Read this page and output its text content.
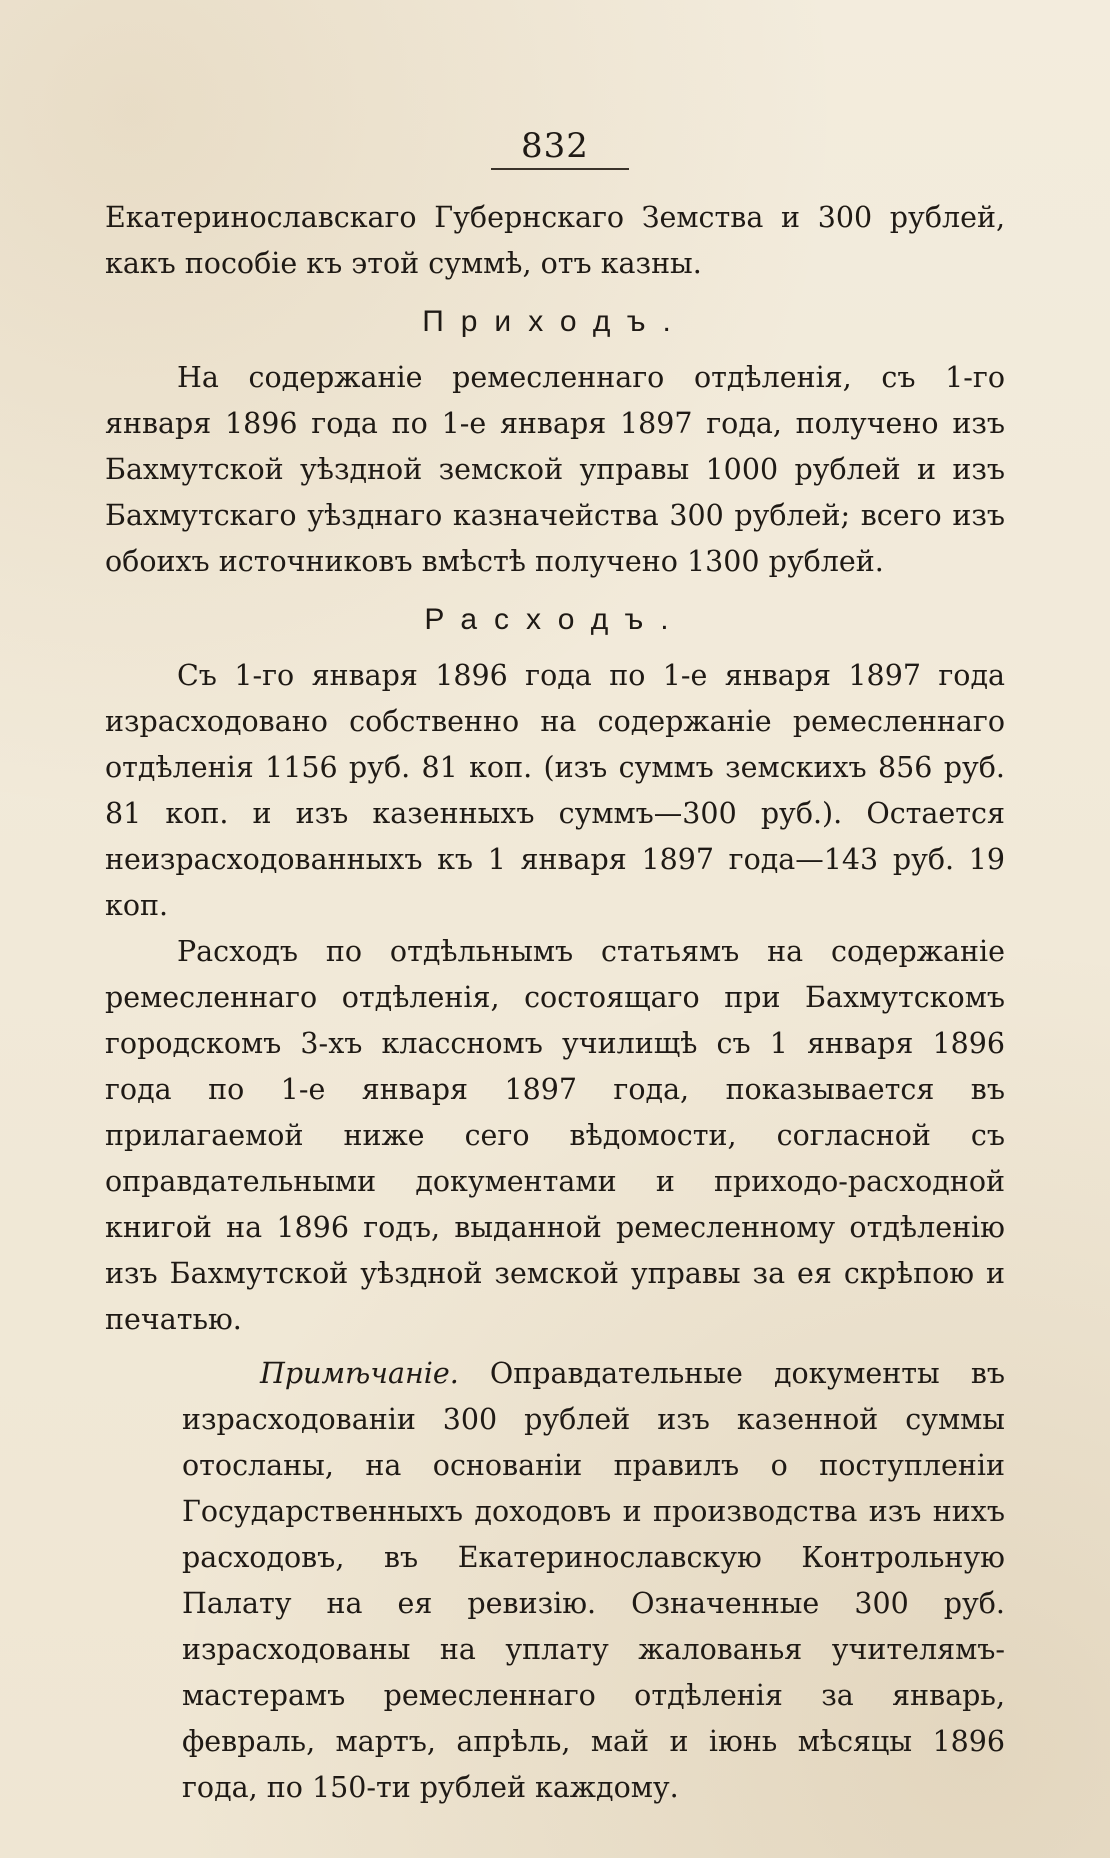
832

Екатеринославскаго Губернскаго Земства и 300 рублей, какъ пособіе къ этой суммѣ, отъ казны.

Приходъ.

На содержаніе ремесленнаго отдѣленія, съ 1-го января 1896 года по 1-е января 1897 года, получено изъ Бахмутской уѣздной земской управы 1000 рублей и изъ Бахмутскаго уѣзднаго казначейства 300 рублей; всего изъ обоихъ источниковъ вмѣстѣ получено 1300 рублей.

Расходъ.

Съ 1-го января 1896 года по 1-е января 1897 года израсходовано собственно на содержаніе ремесленнаго отдѣленія 1156 руб. 81 коп. (изъ суммъ земскихъ 856 руб. 81 коп. и изъ казенныхъ суммъ—300 руб.). Остается неизрасходованныхъ къ 1 января 1897 года—143 руб. 19 коп.

Расходъ по отдѣльнымъ статьямъ на содержаніе ремесленнаго отдѣленія, состоящаго при Бахмутскомъ городскомъ 3-хъ классномъ училищѣ съ 1 января 1896 года по 1-е января 1897 года, показывается въ прилагаемой ниже сего вѣдомости, согласной съ оправдательными документами и приходо-расходной книгой на 1896 годъ, выданной ремесленному отдѣленію изъ Бахмутской уѣздной земской управы за ея скрѣпою и печатью.

Примѣчаніе. Оправдательные документы въ израсходованіи 300 рублей изъ казенной суммы отосланы, на основаніи правилъ о поступленіи Государственныхъ доходовъ и производства изъ нихъ расходовъ, въ Екатеринославскую Контрольную Палату на ея ревизію. Означенные 300 руб. израсходованы на уплату жалованья учителямъ-мастерамъ ремесленнаго отдѣленія за январь, февраль, мартъ, апрѣль, май и іюнь мѣсяцы 1896 года, по 150-ти рублей каждому.
